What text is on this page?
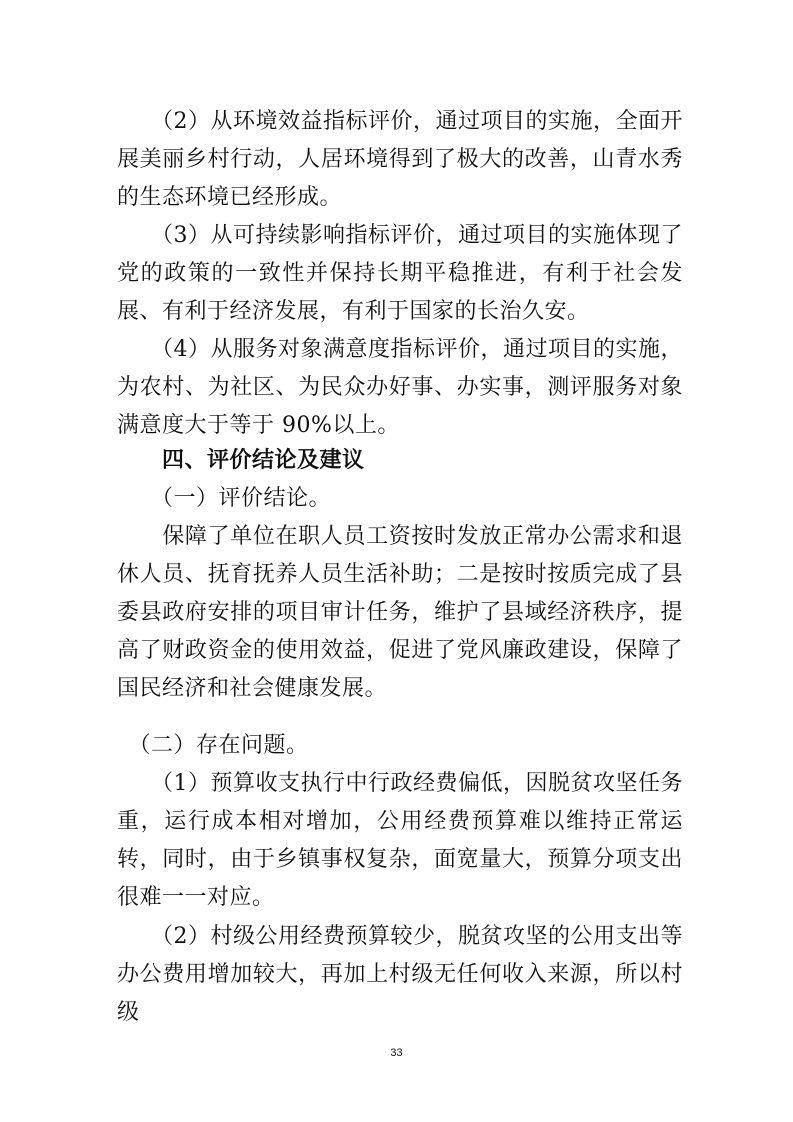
　　（2）从环境效益指标评价，通过项目的实施，全面开展美丽乡村行动，人居环境得到了极大的改善，山青水秀的生态环境已经形成。

　　（3）从可持续影响指标评价，通过项目的实施体现了党的政策的一致性并保持长期平稳推进，有利于社会发展、有利于经济发展，有利于国家的长治久安。

　　（4）从服务对象满意度指标评价，通过项目的实施，为农村、为社区、为民众办好事、办实事，测评服务对象满意度大于等于 90%以上。

　　四、评价结论及建议

　　（一）评价结论。

　　保障了单位在职人员工资按时发放正常办公需求和退休人员、抚育抚养人员生活补助；二是按时按质完成了县委县政府安排的项目审计任务，维护了县域经济秩序，提高了财政资金的使用效益，促进了党风廉政建设，保障了国民经济和社会健康发展。

　（二）存在问题。

　　（1）预算收支执行中行政经费偏低，因脱贫攻坚任务重，运行成本相对增加，公用经费预算难以维持正常运转，同时，由于乡镇事权复杂，面宽量大，预算分项支出很难一一对应。

　　（2）村级公用经费预算较少，脱贫攻坚的公用支出等办公费用增加较大，再加上村级无任何收入来源，所以村级

33
